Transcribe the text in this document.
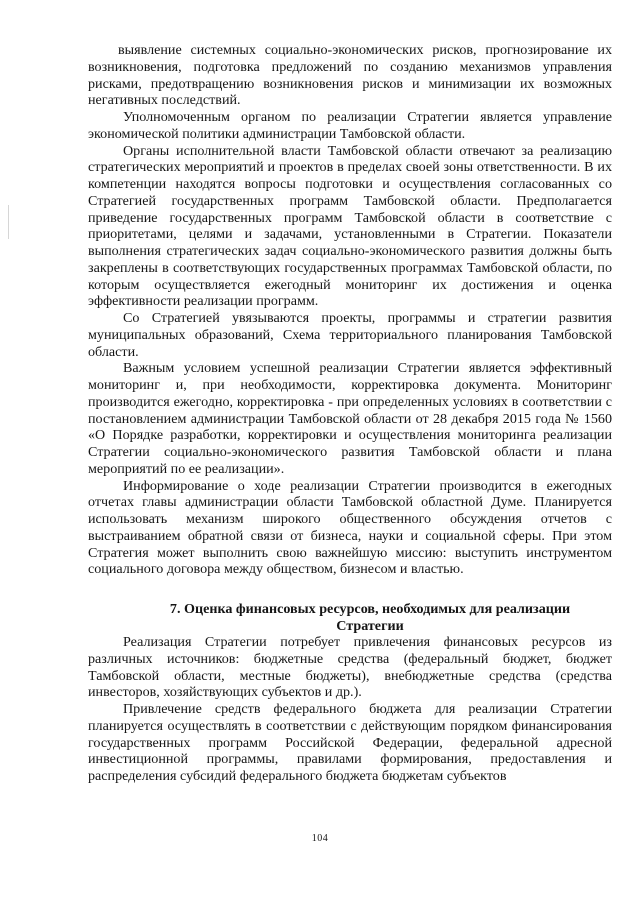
выявление системных социально-экономических рисков, прогнозирование их возникновения, подготовка предложений по созданию механизмов управления рисками, предотвращению возникновения рисков и минимизации их возможных негативных последствий.

Уполномоченным органом по реализации Стратегии является управление экономической политики администрации Тамбовской области.

Органы исполнительной власти Тамбовской области отвечают за реализацию стратегических мероприятий и проектов в пределах своей зоны ответственности. В их компетенции находятся вопросы подготовки и осуществления согласованных со Стратегией государственных программ Тамбовской области. Предполагается приведение государственных программ Тамбовской области в соответствие с приоритетами, целями и задачами, установленными в Стратегии. Показатели выполнения стратегических задач социально-экономического развития должны быть закреплены в соответствующих государственных программах Тамбовской области, по которым осуществляется ежегодный мониторинг их достижения и оценка эффективности реализации программ.

Со Стратегией увязываются проекты, программы и стратегии развития муниципальных образований, Схема территориального планирования Тамбовской области.

Важным условием успешной реализации Стратегии является эффективный мониторинг и, при необходимости, корректировка документа. Мониторинг производится ежегодно, корректировка - при определенных условиях в соответствии с постановлением администрации Тамбовской области от 28 декабря 2015 года № 1560 «О Порядке разработки, корректировки и осуществления мониторинга реализации Стратегии социально-экономического развития Тамбовской области и плана мероприятий по ее реализации».

Информирование о ходе реализации Стратегии производится в ежегодных отчетах главы администрации области Тамбовской областной Думе. Планируется использовать механизм широкого общественного обсуждения отчетов с выстраиванием обратной связи от бизнеса, науки и социальной сферы. При этом Стратегия может выполнить свою важнейшую миссию: выступить инструментом социального договора между обществом, бизнесом и властью.

7. Оценка финансовых ресурсов, необходимых для реализации
Стратегии

Реализация Стратегии потребует привлечения финансовых ресурсов из различных источников: бюджетные средства (федеральный бюджет, бюджет Тамбовской области, местные бюджеты), внебюджетные средства (средства инвесторов, хозяйствующих субъектов и др.).

Привлечение средств федерального бюджета для реализации Стратегии планируется осуществлять в соответствии с действующим порядком финансирования государственных программ Российской Федерации, федеральной адресной инвестиционной программы, правилами формирования, предоставления и распределения субсидий федерального бюджета бюджетам субъектов

104
